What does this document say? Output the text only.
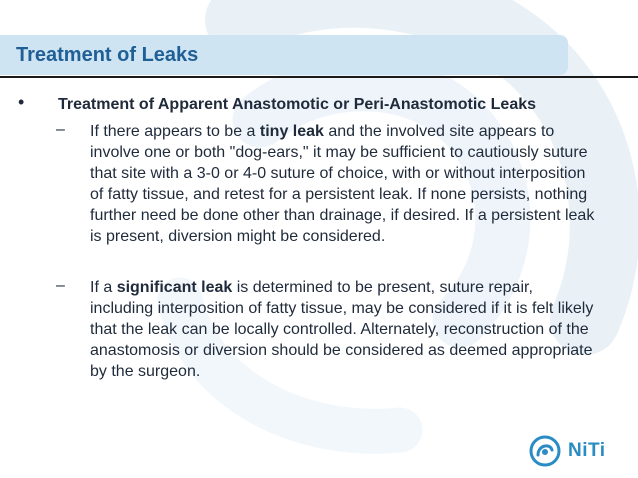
Treatment of Leaks
• Treatment of Apparent Anastomotic or Peri-Anastomotic Leaks
– If there appears to be a tiny leak and the involved site appears to involve one or both "dog-ears," it may be sufficient to cautiously suture that site with a 3-0 or 4-0 suture of choice, with or without interposition of fatty tissue, and retest for a persistent leak. If none persists, nothing further need be done other than drainage, if desired. If a persistent leak is present, diversion might be considered.
– If a significant leak is determined to be present, suture repair, including interposition of fatty tissue, may be considered if it is felt likely that the leak can be locally controlled. Alternately, reconstruction of the anastomosis or diversion should be considered as deemed appropriate by the surgeon.
NiTi
